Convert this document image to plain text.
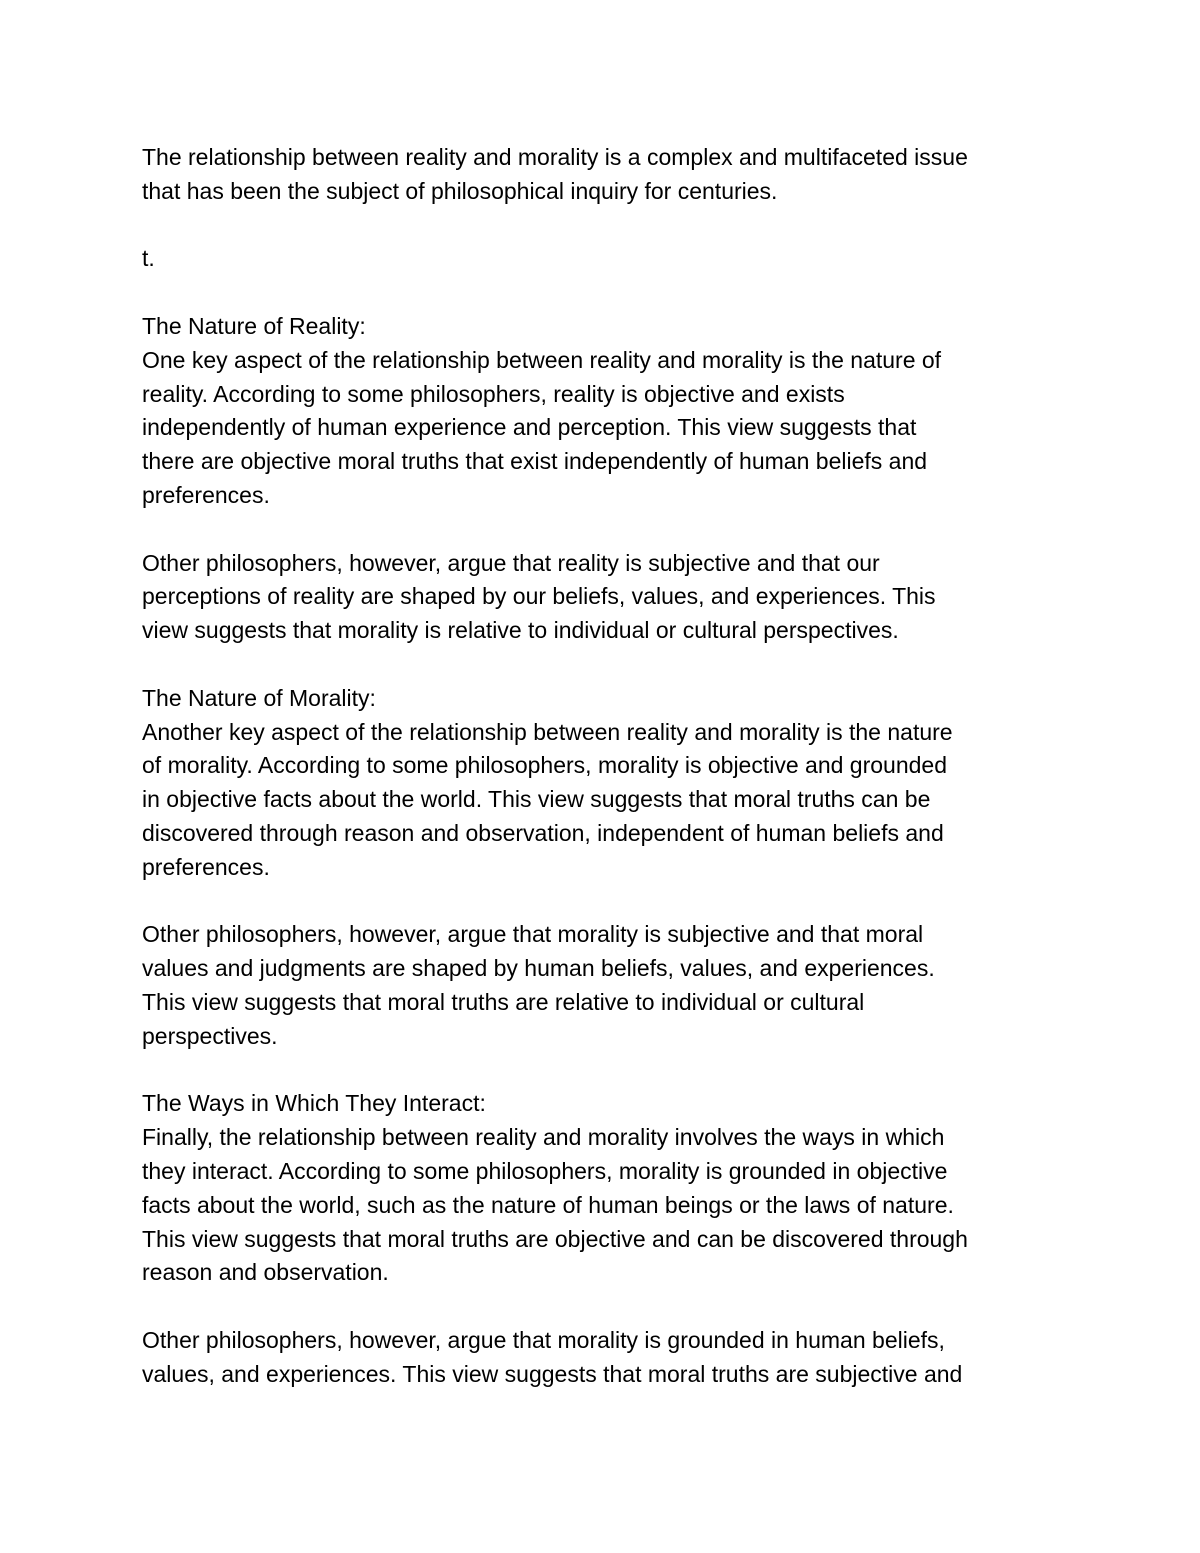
The relationship between reality and morality is a complex and multifaceted issue

that has been the subject of philosophical inquiry for centuries.

t.

The Nature of Reality:

One key aspect of the relationship between reality and morality is the nature of

reality. According to some philosophers, reality is objective and exists

independently of human experience and perception. This view suggests that

there are objective moral truths that exist independently of human beliefs and

preferences.

Other philosophers, however, argue that reality is subjective and that our

perceptions of reality are shaped by our beliefs, values, and experiences. This

view suggests that morality is relative to individual or cultural perspectives.

The Nature of Morality:

Another key aspect of the relationship between reality and morality is the nature

of morality. According to some philosophers, morality is objective and grounded

in objective facts about the world. This view suggests that moral truths can be

discovered through reason and observation, independent of human beliefs and

preferences.

Other philosophers, however, argue that morality is subjective and that moral

values and judgments are shaped by human beliefs, values, and experiences.

This view suggests that moral truths are relative to individual or cultural

perspectives.

The Ways in Which They Interact:

Finally, the relationship between reality and morality involves the ways in which

they interact. According to some philosophers, morality is grounded in objective

facts about the world, such as the nature of human beings or the laws of nature.

This view suggests that moral truths are objective and can be discovered through

reason and observation.

Other philosophers, however, argue that morality is grounded in human beliefs,

values, and experiences. This view suggests that moral truths are subjective and
